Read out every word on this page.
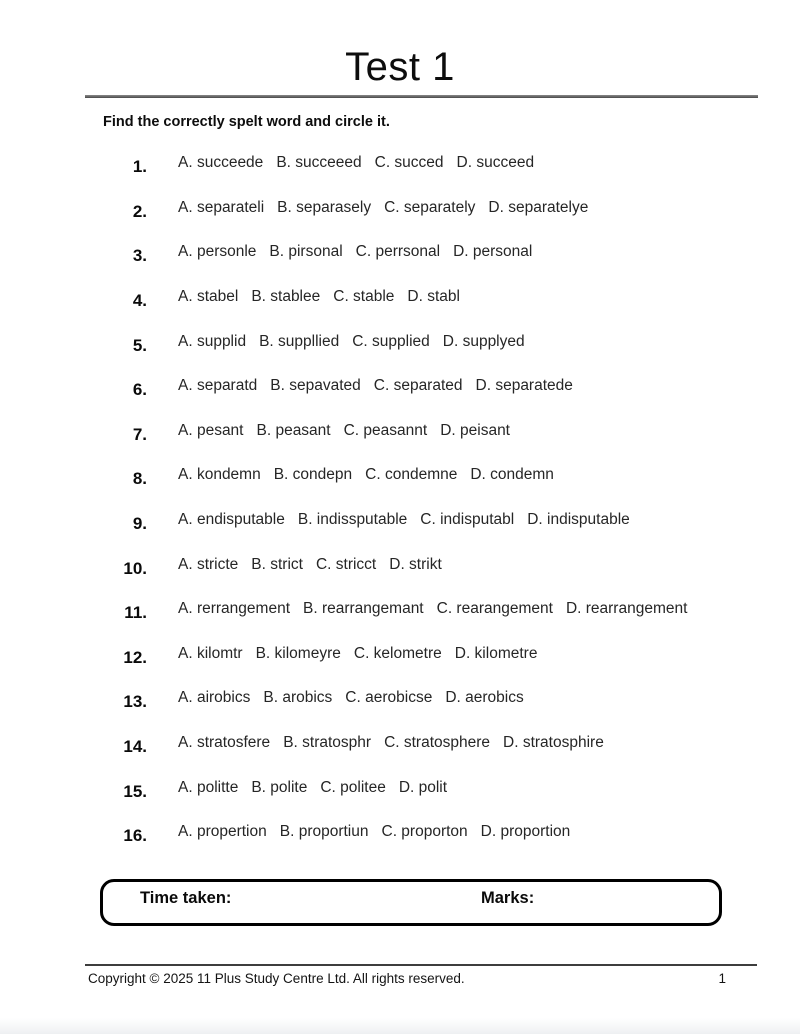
Test 1
Find the correctly spelt word and circle it.
1. A. succeede B. succeeed C. succed D. succeed
2. A. separateli B. separasely C. separately D. separatelye
3. A. personle B. pirsonal C. perrsonal D. personal
4. A. stabel B. stablee C. stable D. stabl
5. A. supplid B. suppllied C. supplied D. supplyed
6. A. separatd B. sepavated C. separated D. separatede
7. A. pesant B. peasant C. peasannt D. peisant
8. A. kondemn B. condepn C. condemne D. condemn
9. A. endisputable B. indissputable C. indisputabl D. indisputable
10. A. stricte B. strict C. stricct D. strikt
11. A. rerrangement B. rearrangemant C. rearangement D. rearrangement
12. A. kilomtr B. kilomeyre C. kelometre D. kilometre
13. A. airobics B. arobics C. aerobicse D. aerobics
14. A. stratosfere B. stratosphr C. stratosphere D. stratosphire
15. A. politte B. polite C. politee D. polit
16. A. propertion B. proportiun C. proporton D. proportion
Time taken:	Marks:
Copyright © 2025 11 Plus Study Centre Ltd. All rights reserved.	1
